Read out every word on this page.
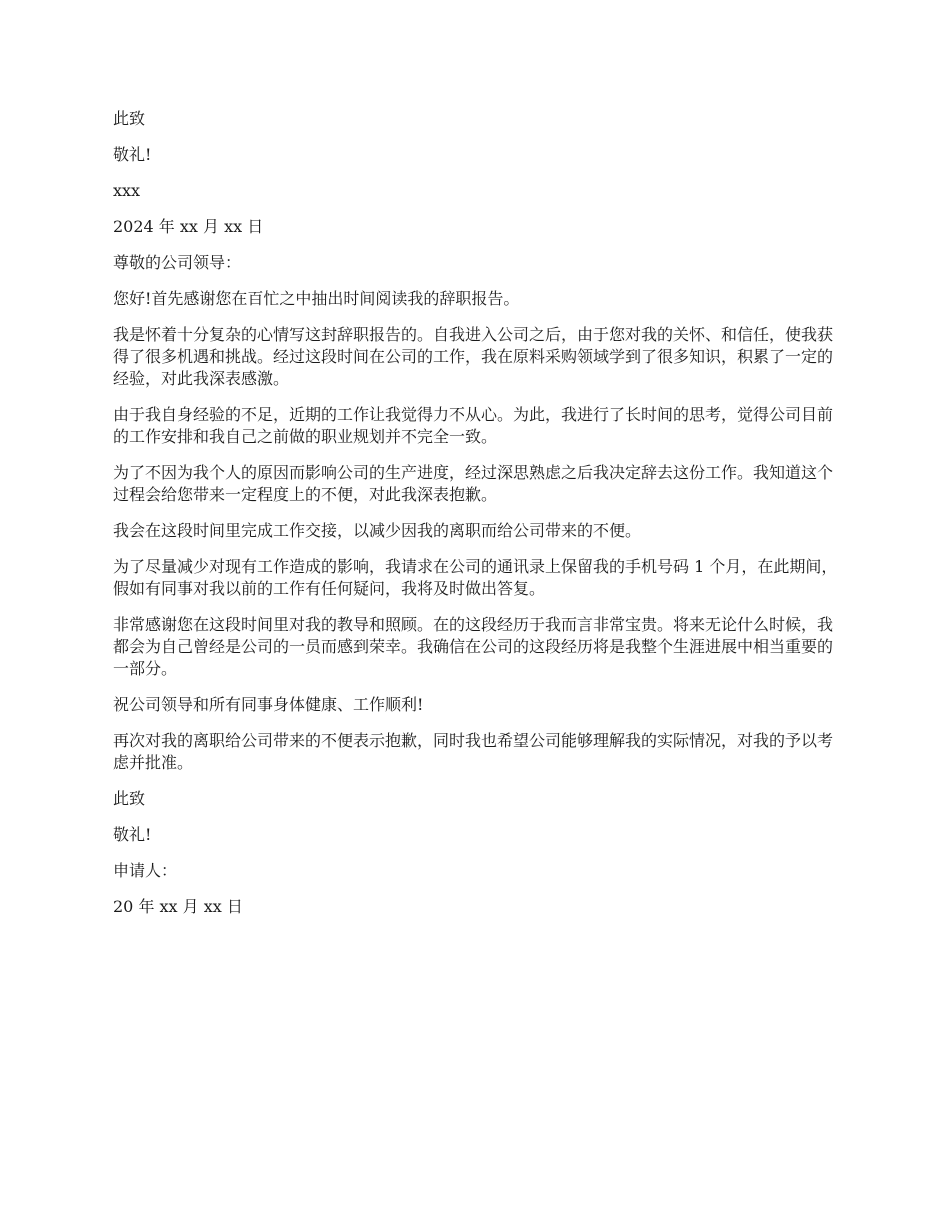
此致

敬礼!

xxx

2024 年 xx 月 xx 日

尊敬的公司领导：

您好!首先感谢您在百忙之中抽出时间阅读我的辞职报告。

我是怀着十分复杂的心情写这封辞职报告的。自我进入公司之后，由于您对我的关怀、和信任，使我获得了很多机遇和挑战。经过这段时间在公司的工作，我在原料采购领域学到了很多知识，积累了一定的经验，对此我深表感激。

由于我自身经验的不足，近期的工作让我觉得力不从心。为此，我进行了长时间的思考，觉得公司目前的工作安排和我自己之前做的职业规划并不完全一致。

为了不因为我个人的原因而影响公司的生产进度，经过深思熟虑之后我决定辞去这份工作。我知道这个过程会给您带来一定程度上的不便，对此我深表抱歉。

我会在这段时间里完成工作交接，以减少因我的离职而给公司带来的不便。

为了尽量减少对现有工作造成的影响，我请求在公司的通讯录上保留我的手机号码 1 个月，在此期间，假如有同事对我以前的工作有任何疑问，我将及时做出答复。

非常感谢您在这段时间里对我的教导和照顾。在的这段经历于我而言非常宝贵。将来无论什么时候，我都会为自己曾经是公司的一员而感到荣幸。我确信在公司的这段经历将是我整个生涯进展中相当重要的一部分。

祝公司领导和所有同事身体健康、工作顺利!

再次对我的离职给公司带来的不便表示抱歉，同时我也希望公司能够理解我的实际情况，对我的予以考虑并批准。

此致

敬礼!

申请人：

20 年 xx 月 xx 日
